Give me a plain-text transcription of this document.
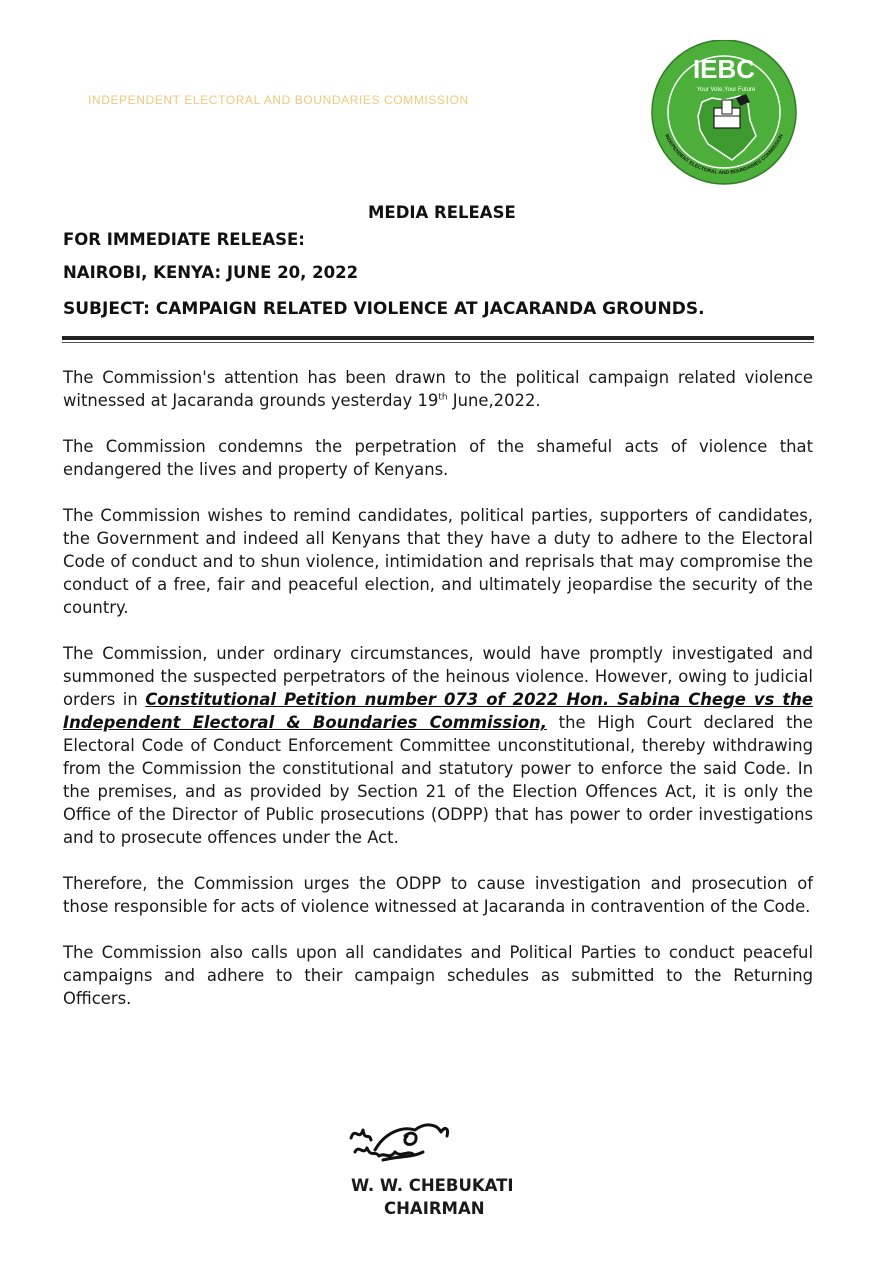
INDEPENDENT ELECTORAL AND BOUNDARIES COMMISSION
IEBC
Your Vote,Your Future
INDEPENDENT ELECTORAL AND BOUNDARIES COMMISSION
MEDIA RELEASE
FOR IMMEDIATE RELEASE:
NAIROBI, KENYA: JUNE 20, 2022
SUBJECT: CAMPAIGN RELATED VIOLENCE AT JACARANDA GROUNDS.

The Commission's attention has been drawn to the political campaign related violence witnessed at Jacaranda grounds yesterday 19th June,2022.

The Commission condemns the perpetration of the shameful acts of violence that endangered the lives and property of Kenyans.

The Commission wishes to remind candidates, political parties, supporters of candidates, the Government and indeed all Kenyans that they have a duty to adhere to the Electoral Code of conduct and to shun violence, intimidation and reprisals that may compromise the conduct of a free, fair and peaceful election, and ultimately jeopardise the security of the country.

The Commission, under ordinary circumstances, would have promptly investigated and summoned the suspected perpetrators of the heinous violence. However, owing to judicial orders in Constitutional Petition number 073 of 2022 Hon. Sabina Chege vs the Independent Electoral & Boundaries Commission, the High Court declared the Electoral Code of Conduct Enforcement Committee unconstitutional, thereby withdrawing from the Commission the constitutional and statutory power to enforce the said Code. In the premises, and as provided by Section 21 of the Election Offences Act, it is only the Office of the Director of Public prosecutions (ODPP) that has power to order investigations and to prosecute offences under the Act.

Therefore, the Commission urges the ODPP to cause investigation and prosecution of those responsible for acts of violence witnessed at Jacaranda in contravention of the Code.

The Commission also calls upon all candidates and Political Parties to conduct peaceful campaigns and adhere to their campaign schedules as submitted to the Returning Officers.

W. W. CHEBUKATI
CHAIRMAN
